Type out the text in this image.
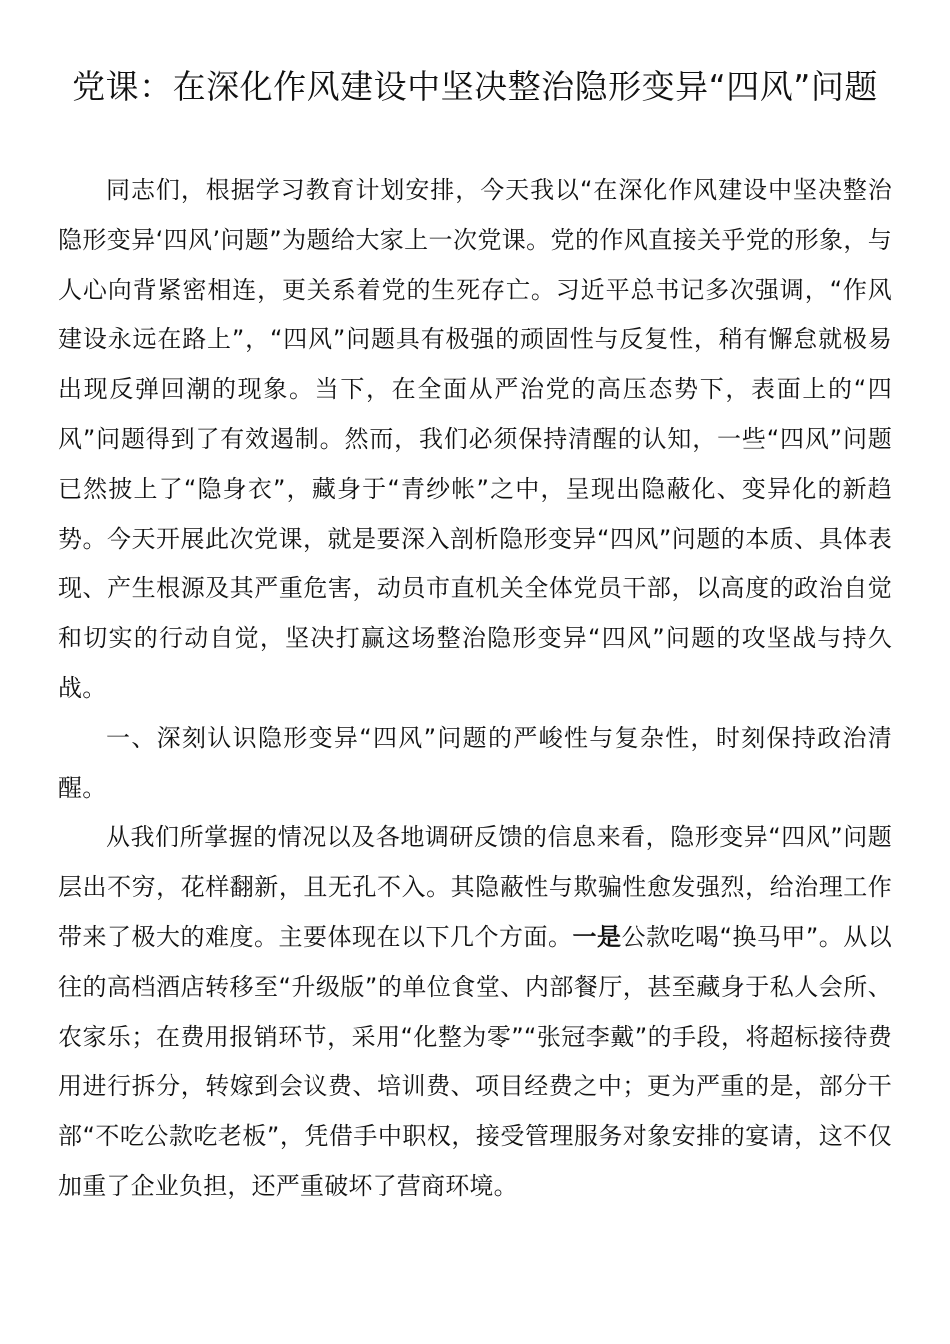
党课：在深化作风建设中坚决整治隐形变异“四风”问题

同志们，根据学习教育计划安排，今天我以“在深化作风建设中坚决整治隐形变异‘四风’问题”为题给大家上一次党课。党的作风直接关乎党的形象，与人心向背紧密相连，更关系着党的生死存亡。习近平总书记多次强调，“作风建设永远在路上”，“四风”问题具有极强的顽固性与反复性，稍有懈怠就极易出现反弹回潮的现象。当下，在全面从严治党的高压态势下，表面上的“四风”问题得到了有效遏制。然而，我们必须保持清醒的认知，一些“四风”问题已然披上了“隐身衣”，藏身于“青纱帐”之中，呈现出隐蔽化、变异化的新趋势。今天开展此次党课，就是要深入剖析隐形变异“四风”问题的本质、具体表现、产生根源及其严重危害，动员市直机关全体党员干部，以高度的政治自觉和切实的行动自觉，坚决打赢这场整治隐形变异“四风”问题的攻坚战与持久战。

一、深刻认识隐形变异“四风”问题的严峻性与复杂性，时刻保持政治清醒。

从我们所掌握的情况以及各地调研反馈的信息来看，隐形变异“四风”问题层出不穷，花样翻新，且无孔不入。其隐蔽性与欺骗性愈发强烈，给治理工作带来了极大的难度。主要体现在以下几个方面。一是公款吃喝“换马甲”。从以往的高档酒店转移至“升级版”的单位食堂、内部餐厅，甚至藏身于私人会所、农家乐；在费用报销环节，采用“化整为零”“张冠李戴”的手段，将超标接待费用进行拆分，转嫁到会议费、培训费、项目经费之中；更为严重的是，部分干部“不吃公款吃老板”，凭借手中职权，接受管理服务对象安排的宴请，这不仅加重了企业负担，还严重破坏了营商环境。
